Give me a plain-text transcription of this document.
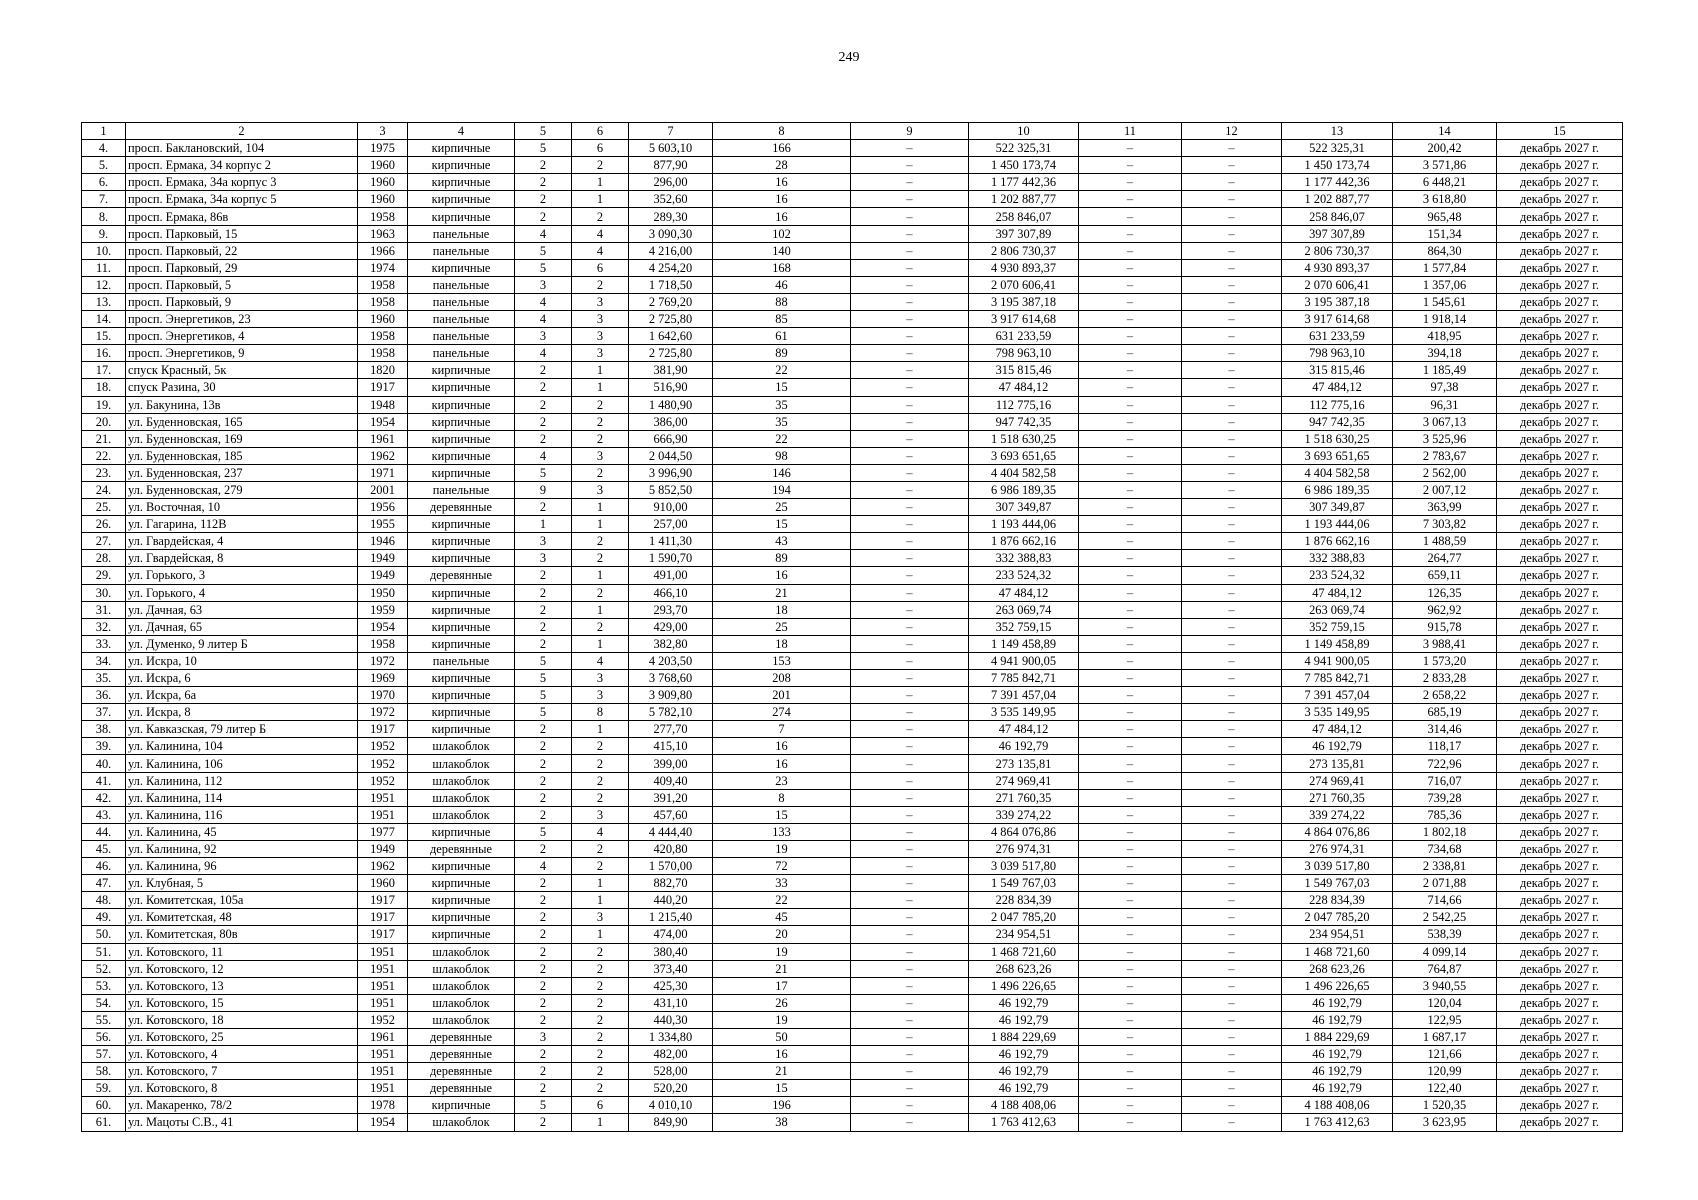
249
1	2	3	4	5	6	7	8	9	10	11	12	13	14	15
4.	просп. Баклановский, 104	1975	кирпичные	5	6	5 603,10	166	–	522 325,31	–	–	522 325,31	200,42	декабрь 2027 г.
5.	просп. Ермака, 34 корпус 2	1960	кирпичные	2	2	877,90	28	–	1 450 173,74	–	–	1 450 173,74	3 571,86	декабрь 2027 г.
6.	просп. Ермака, 34а корпус 3	1960	кирпичные	2	1	296,00	16	–	1 177 442,36	–	–	1 177 442,36	6 448,21	декабрь 2027 г.
7.	просп. Ермака, 34а корпус 5	1960	кирпичные	2	1	352,60	16	–	1 202 887,77	–	–	1 202 887,77	3 618,80	декабрь 2027 г.
8.	просп. Ермака, 86в	1958	кирпичные	2	2	289,30	16	–	258 846,07	–	–	258 846,07	965,48	декабрь 2027 г.
9.	просп. Парковый, 15	1963	панельные	4	4	3 090,30	102	–	397 307,89	–	–	397 307,89	151,34	декабрь 2027 г.
10.	просп. Парковый, 22	1966	панельные	5	4	4 216,00	140	–	2 806 730,37	–	–	2 806 730,37	864,30	декабрь 2027 г.
11.	просп. Парковый, 29	1974	кирпичные	5	6	4 254,20	168	–	4 930 893,37	–	–	4 930 893,37	1 577,84	декабрь 2027 г.
12.	просп. Парковый, 5	1958	панельные	3	2	1 718,50	46	–	2 070 606,41	–	–	2 070 606,41	1 357,06	декабрь 2027 г.
13.	просп. Парковый, 9	1958	панельные	4	3	2 769,20	88	–	3 195 387,18	–	–	3 195 387,18	1 545,61	декабрь 2027 г.
14.	просп. Энергетиков, 23	1960	панельные	4	3	2 725,80	85	–	3 917 614,68	–	–	3 917 614,68	1 918,14	декабрь 2027 г.
15.	просп. Энергетиков, 4	1958	панельные	3	3	1 642,60	61	–	631 233,59	–	–	631 233,59	418,95	декабрь 2027 г.
16.	просп. Энергетиков, 9	1958	панельные	4	3	2 725,80	89	–	798 963,10	–	–	798 963,10	394,18	декабрь 2027 г.
17.	спуск Красный, 5к	1820	кирпичные	2	1	381,90	22	–	315 815,46	–	–	315 815,46	1 185,49	декабрь 2027 г.
18.	спуск Разина, 30	1917	кирпичные	2	1	516,90	15	–	47 484,12	–	–	47 484,12	97,38	декабрь 2027 г.
19.	ул. Бакунина, 13в	1948	кирпичные	2	2	1 480,90	35	–	112 775,16	–	–	112 775,16	96,31	декабрь 2027 г.
20.	ул. Буденновская, 165	1954	кирпичные	2	2	386,00	35	–	947 742,35	–	–	947 742,35	3 067,13	декабрь 2027 г.
21.	ул. Буденновская, 169	1961	кирпичные	2	2	666,90	22	–	1 518 630,25	–	–	1 518 630,25	3 525,96	декабрь 2027 г.
22.	ул. Буденновская, 185	1962	кирпичные	4	3	2 044,50	98	–	3 693 651,65	–	–	3 693 651,65	2 783,67	декабрь 2027 г.
23.	ул. Буденновская, 237	1971	кирпичные	5	2	3 996,90	146	–	4 404 582,58	–	–	4 404 582,58	2 562,00	декабрь 2027 г.
24.	ул. Буденновская, 279	2001	панельные	9	3	5 852,50	194	–	6 986 189,35	–	–	6 986 189,35	2 007,12	декабрь 2027 г.
25.	ул. Восточная, 10	1956	деревянные	2	1	910,00	25	–	307 349,87	–	–	307 349,87	363,99	декабрь 2027 г.
26.	ул. Гагарина, 112В	1955	кирпичные	1	1	257,00	15	–	1 193 444,06	–	–	1 193 444,06	7 303,82	декабрь 2027 г.
27.	ул. Гвардейская, 4	1946	кирпичные	3	2	1 411,30	43	–	1 876 662,16	–	–	1 876 662,16	1 488,59	декабрь 2027 г.
28.	ул. Гвардейская, 8	1949	кирпичные	3	2	1 590,70	89	–	332 388,83	–	–	332 388,83	264,77	декабрь 2027 г.
29.	ул. Горького, 3	1949	деревянные	2	1	491,00	16	–	233 524,32	–	–	233 524,32	659,11	декабрь 2027 г.
30.	ул. Горького, 4	1950	кирпичные	2	2	466,10	21	–	47 484,12	–	–	47 484,12	126,35	декабрь 2027 г.
31.	ул. Дачная, 63	1959	кирпичные	2	1	293,70	18	–	263 069,74	–	–	263 069,74	962,92	декабрь 2027 г.
32.	ул. Дачная, 65	1954	кирпичные	2	2	429,00	25	–	352 759,15	–	–	352 759,15	915,78	декабрь 2027 г.
33.	ул. Думенко, 9 литер Б	1958	кирпичные	2	1	382,80	18	–	1 149 458,89	–	–	1 149 458,89	3 988,41	декабрь 2027 г.
34.	ул. Искра, 10	1972	панельные	5	4	4 203,50	153	–	4 941 900,05	–	–	4 941 900,05	1 573,20	декабрь 2027 г.
35.	ул. Искра, 6	1969	кирпичные	5	3	3 768,60	208	–	7 785 842,71	–	–	7 785 842,71	2 833,28	декабрь 2027 г.
36.	ул. Искра, 6а	1970	кирпичные	5	3	3 909,80	201	–	7 391 457,04	–	–	7 391 457,04	2 658,22	декабрь 2027 г.
37.	ул. Искра, 8	1972	кирпичные	5	8	5 782,10	274	–	3 535 149,95	–	–	3 535 149,95	685,19	декабрь 2027 г.
38.	ул. Кавказская, 79 литер Б	1917	кирпичные	2	1	277,70	7	–	47 484,12	–	–	47 484,12	314,46	декабрь 2027 г.
39.	ул. Калинина, 104	1952	шлакоблок	2	2	415,10	16	–	46 192,79	–	–	46 192,79	118,17	декабрь 2027 г.
40.	ул. Калинина, 106	1952	шлакоблок	2	2	399,00	16	–	273 135,81	–	–	273 135,81	722,96	декабрь 2027 г.
41.	ул. Калинина, 112	1952	шлакоблок	2	2	409,40	23	–	274 969,41	–	–	274 969,41	716,07	декабрь 2027 г.
42.	ул. Калинина, 114	1951	шлакоблок	2	2	391,20	8	–	271 760,35	–	–	271 760,35	739,28	декабрь 2027 г.
43.	ул. Калинина, 116	1951	шлакоблок	2	3	457,60	15	–	339 274,22	–	–	339 274,22	785,36	декабрь 2027 г.
44.	ул. Калинина, 45	1977	кирпичные	5	4	4 444,40	133	–	4 864 076,86	–	–	4 864 076,86	1 802,18	декабрь 2027 г.
45.	ул. Калинина, 92	1949	деревянные	2	2	420,80	19	–	276 974,31	–	–	276 974,31	734,68	декабрь 2027 г.
46.	ул. Калинина, 96	1962	кирпичные	4	2	1 570,00	72	–	3 039 517,80	–	–	3 039 517,80	2 338,81	декабрь 2027 г.
47.	ул. Клубная, 5	1960	кирпичные	2	1	882,70	33	–	1 549 767,03	–	–	1 549 767,03	2 071,88	декабрь 2027 г.
48.	ул. Комитетская, 105а	1917	кирпичные	2	1	440,20	22	–	228 834,39	–	–	228 834,39	714,66	декабрь 2027 г.
49.	ул. Комитетская, 48	1917	кирпичные	2	3	1 215,40	45	–	2 047 785,20	–	–	2 047 785,20	2 542,25	декабрь 2027 г.
50.	ул. Комитетская, 80в	1917	кирпичные	2	1	474,00	20	–	234 954,51	–	–	234 954,51	538,39	декабрь 2027 г.
51.	ул. Котовского, 11	1951	шлакоблок	2	2	380,40	19	–	1 468 721,60	–	–	1 468 721,60	4 099,14	декабрь 2027 г.
52.	ул. Котовского, 12	1951	шлакоблок	2	2	373,40	21	–	268 623,26	–	–	268 623,26	764,87	декабрь 2027 г.
53.	ул. Котовского, 13	1951	шлакоблок	2	2	425,30	17	–	1 496 226,65	–	–	1 496 226,65	3 940,55	декабрь 2027 г.
54.	ул. Котовского, 15	1951	шлакоблок	2	2	431,10	26	–	46 192,79	–	–	46 192,79	120,04	декабрь 2027 г.
55.	ул. Котовского, 18	1952	шлакоблок	2	2	440,30	19	–	46 192,79	–	–	46 192,79	122,95	декабрь 2027 г.
56.	ул. Котовского, 25	1961	деревянные	3	2	1 334,80	50	–	1 884 229,69	–	–	1 884 229,69	1 687,17	декабрь 2027 г.
57.	ул. Котовского, 4	1951	деревянные	2	2	482,00	16	–	46 192,79	–	–	46 192,79	121,66	декабрь 2027 г.
58.	ул. Котовского, 7	1951	деревянные	2	2	528,00	21	–	46 192,79	–	–	46 192,79	120,99	декабрь 2027 г.
59.	ул. Котовского, 8	1951	деревянные	2	2	520,20	15	–	46 192,79	–	–	46 192,79	122,40	декабрь 2027 г.
60.	ул. Макаренко, 78/2	1978	кирпичные	5	6	4 010,10	196	–	4 188 408,06	–	–	4 188 408,06	1 520,35	декабрь 2027 г.
61.	ул. Мацоты С.В., 41	1954	шлакоблок	2	1	849,90	38	–	1 763 412,63	–	–	1 763 412,63	3 623,95	декабрь 2027 г.
